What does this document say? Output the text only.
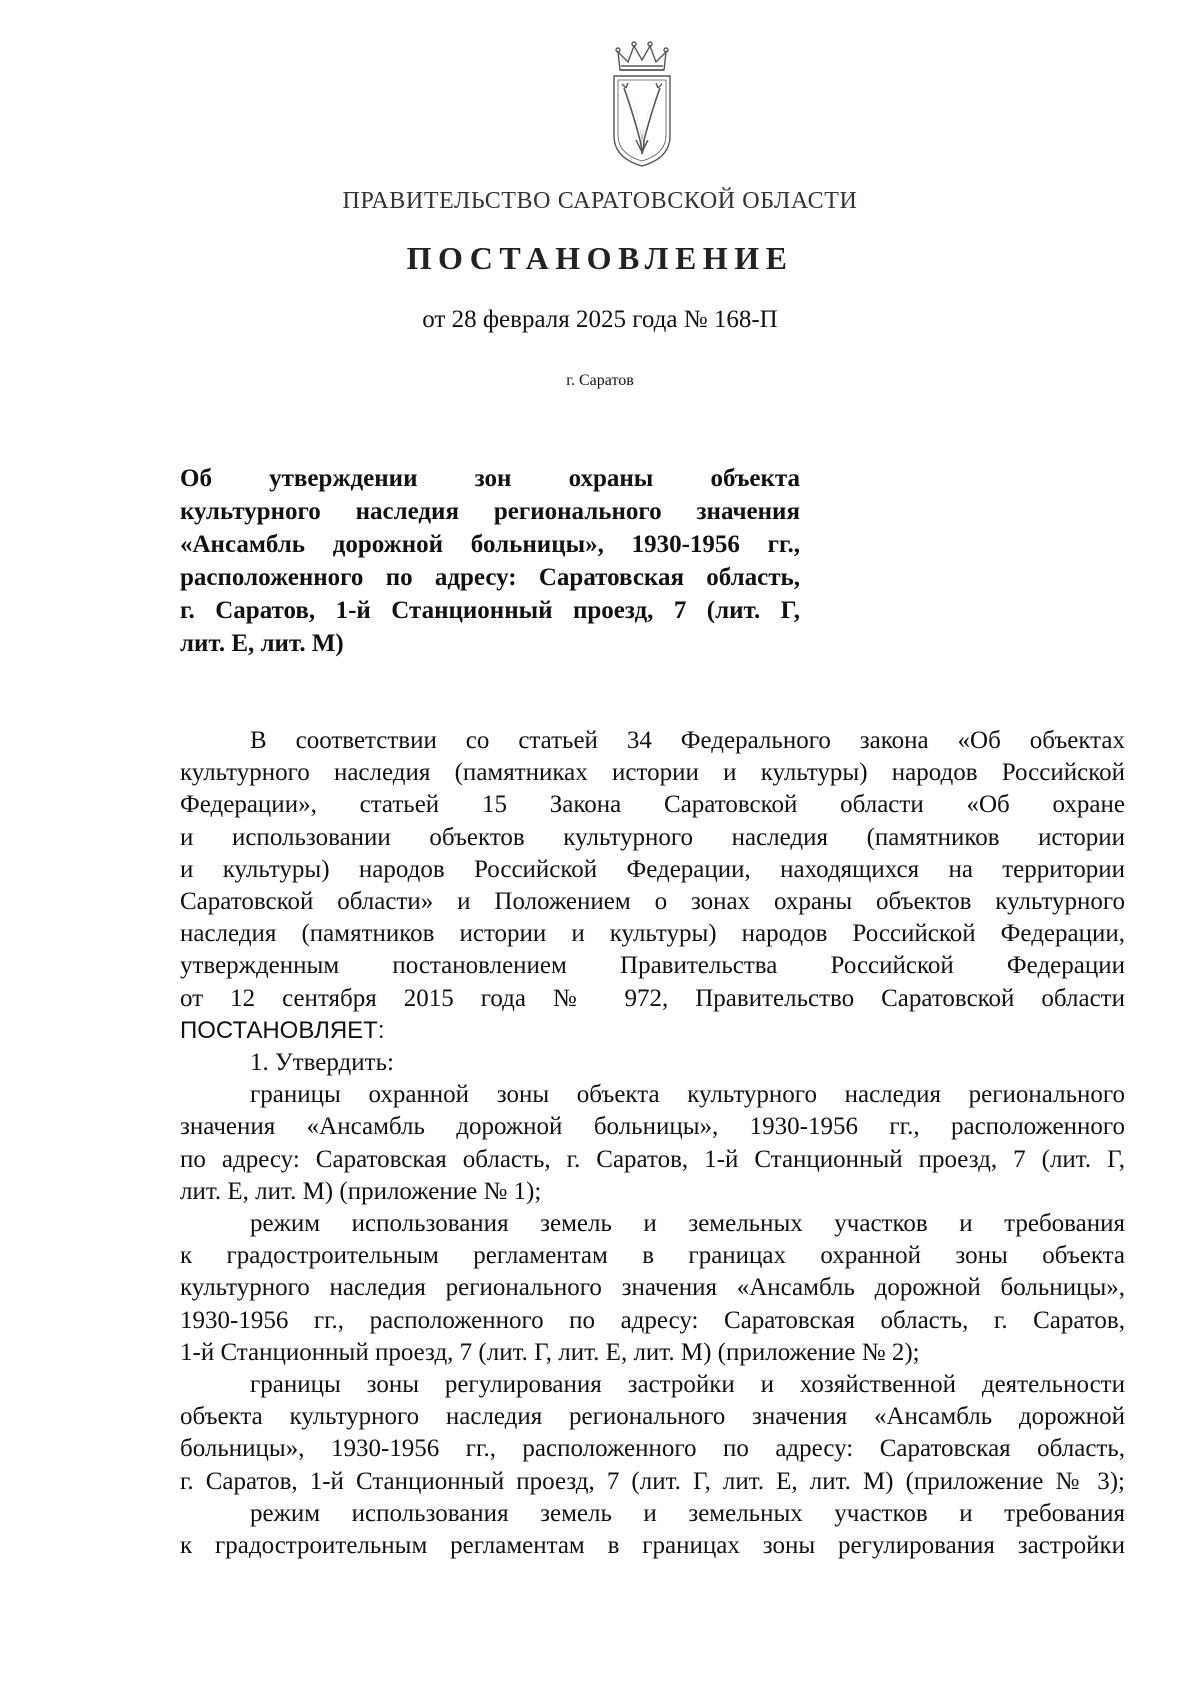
ПРАВИТЕЛЬСТВО САРАТОВСКОЙ ОБЛАСТИ
ПОСТАНОВЛЕНИЕ
от 28 февраля 2025 года № 168-П
г. Саратов
Об утверждении зон охраны объекта
культурного наследия регионального значения
«Ансамбль дорожной больницы», 1930-1956 гг.,
расположенного по адресу: Саратовская область,
г. Саратов, 1-й Станционный проезд, 7 (лит. Г,
лит. Е, лит. М)
В соответствии со статьей 34 Федерального закона «Об объектах
культурного наследия (памятниках истории и культуры) народов Российской
Федерации», статьей 15 Закона Саратовской области «Об охране
и использовании объектов культурного наследия (памятников истории
и культуры) народов Российской Федерации, находящихся на территории
Саратовской области» и Положением о зонах охраны объектов культурного
наследия (памятников истории и культуры) народов Российской Федерации,
утвержденным постановлением Правительства Российской Федерации
от 12 сентября 2015 года № 972, Правительство Саратовской области
ПОСТАНОВЛЯЕТ:
1. Утвердить:
границы охранной зоны объекта культурного наследия регионального
значения «Ансамбль дорожной больницы», 1930-1956 гг., расположенного
по адресу: Саратовская область, г. Саратов, 1-й Станционный проезд, 7 (лит. Г,
лит. Е, лит. М) (приложение № 1);
режим использования земель и земельных участков и требования
к градостроительным регламентам в границах охранной зоны объекта
культурного наследия регионального значения «Ансамбль дорожной больницы»,
1930-1956 гг., расположенного по адресу: Саратовская область, г. Саратов,
1-й Станционный проезд, 7 (лит. Г, лит. Е, лит. М) (приложение № 2);
границы зоны регулирования застройки и хозяйственной деятельности
объекта культурного наследия регионального значения «Ансамбль дорожной
больницы», 1930-1956 гг., расположенного по адресу: Саратовская область,
г. Саратов, 1-й Станционный проезд, 7 (лит. Г, лит. Е, лит. М) (приложение № 3);
режим использования земель и земельных участков и требования
к градостроительным регламентам в границах зоны регулирования застройки
